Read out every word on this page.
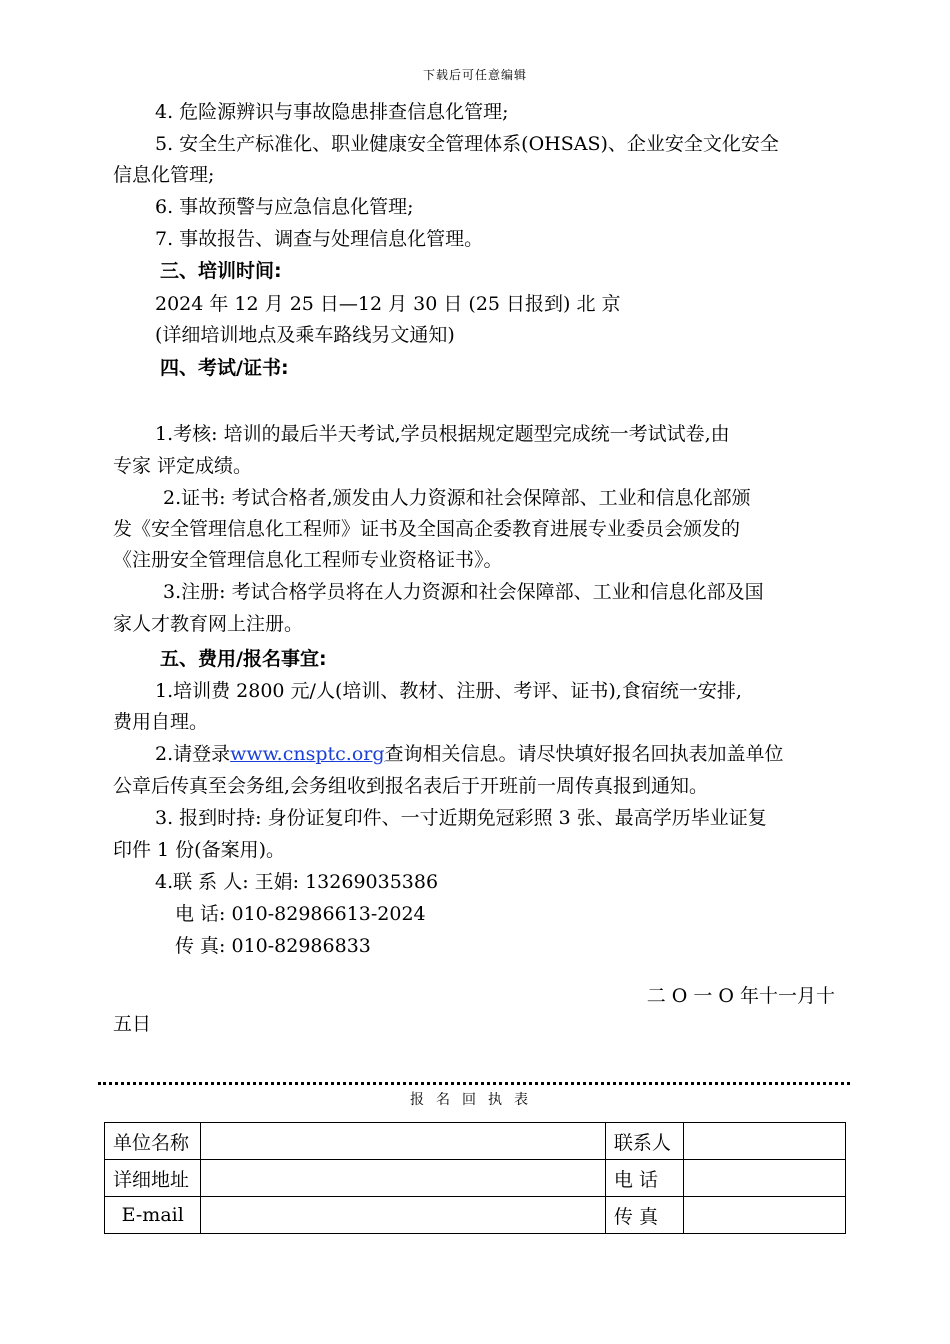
下载后可任意编辑
4. 危险源辨识与事故隐患排查信息化管理;
5. 安全生产标准化、职业健康安全管理体系(OHSAS)、企业安全文化安全
信息化管理;
6. 事故预警与应急信息化管理;
7. 事故报告、调查与处理信息化管理。
三、培训时间:
2024 年 12 月 25 日—12 月 30 日 (25 日报到) 北 京
(详细培训地点及乘车路线另文通知)
四、考试/证书:
1.考核: 培训的最后半天考试,学员根据规定题型完成统一考试试卷,由
专家 评定成绩。
2.证书: 考试合格者,颁发由人力资源和社会保障部、工业和信息化部颁
发《安全管理信息化工程师》证书及全国高企委教育进展专业委员会颁发的
《注册安全管理信息化工程师专业资格证书》。
3.注册: 考试合格学员将在人力资源和社会保障部、工业和信息化部及国
家人才教育网上注册。
五、费用/报名事宜:
1.培训费 2800 元/人(培训、教材、注册、考评、证书),食宿统一安排,
费用自理。
2.请登录www.cnsptc.org查询相关信息。请尽快填好报名回执表加盖单位
公章后传真至会务组,会务组收到报名表后于开班前一周传真报到通知。
3. 报到时持: 身份证复印件、一寸近期免冠彩照 3 张、最高学历毕业证复
印件 1 份(备案用)。
4.联 系 人: 王娟: 13269035386
电 话: 010-82986613-2024
传 真: 010-82986833
二 O 一 O 年十一月十
五日
报名回执表
单位名称		联系人	
详细地址		电 话	
E-mail		传 真	
